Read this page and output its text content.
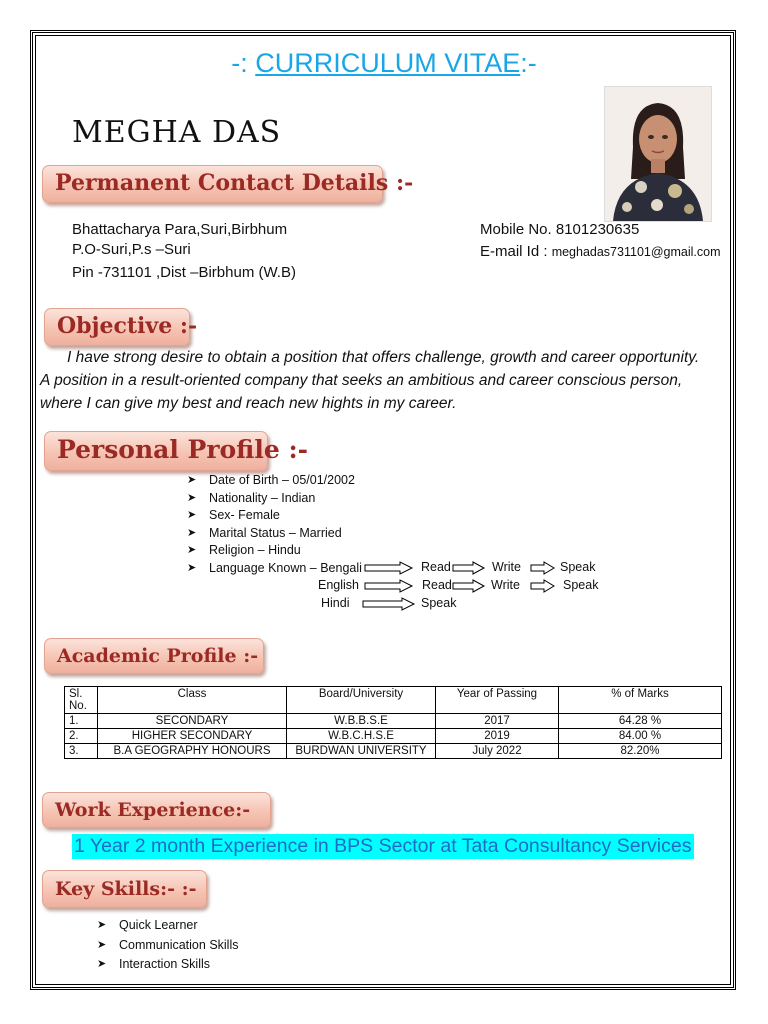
-: CURRICULUM VITAE:-
MEGHA DAS
Permanent Contact Details :-
Bhattacharya Para,Suri,Birbhum
P.O-Suri,P.s –Suri
Pin -731101 ,Dist –Birbhum (W.B)
Mobile No. 8101230635
E-mail Id : meghadas731101@gmail.com
Objective :-
I have strong desire to obtain a position that offers challenge, growth and career opportunity.
A position in a result-oriented company that seeks an ambitious and career conscious person,
where I can give my best and reach new hights in my career.
Personal Profile :-
➤ Date of Birth – 05/01/2002
➤ Nationality – Indian
➤ Sex- Female
➤ Marital Status – Married
➤ Religion – Hindu
➤ Language Known – Bengali	Read	Write	Speak
English	Read	Write	Speak
Hindi	Speak
Academic Profile :-
Sl. No.	Class	Board/University	Year of Passing	% of Marks
1.	SECONDARY	W.B.B.S.E	2017	64.28 %
2.	HIGHER SECONDARY	W.B.C.H.S.E	2019	84.00 %
3.	B.A GEOGRAPHY HONOURS	BURDWAN UNIVERSITY	July 2022	82.20%
Work Experience:-
1 Year 2 month Experience in BPS Sector at Tata Consultancy Services
Key Skills:- :-
➤ Quick Learner
➤ Communication Skills
➤ Interaction Skills
